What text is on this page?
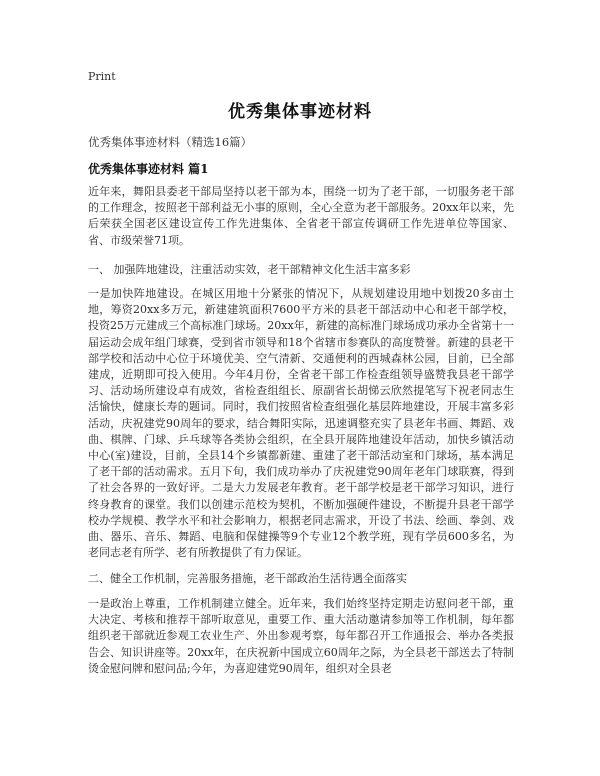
Print
优秀集体事迹材料
优秀集体事迹材料（精选16篇）
优秀集体事迹材料 篇1
近年来，舞阳县委老干部局坚持以老干部为本，围绕一切为了老干部，一切服务老干部的工作理念，按照老干部利益无小事的原则，全心全意为老干部服务。20xx年以来，先后荣获全国老区建设宣传工作先进集体、全省老干部宣传调研工作先进单位等国家、省、市级荣誉71项。
一、 加强阵地建设，注重活动实效，老干部精神文化生活丰富多彩
一是加快阵地建设。在城区用地十分紧张的情况下，从规划建设用地中划拨20多亩土地，筹资20xx多万元，新建建筑面积7600平方米的县老干部活动中心和老干部学校，投资25万元建成三个高标准门球场。20xx年，新建的高标准门球场成功承办全省第十一届运动会成年组门球赛，受到省市领导和18个省辖市参赛队的高度赞誉。新建的县老干部学校和活动中心位于环境优美、空气清新、交通便利的西城森林公园，目前，已全部建成，近期即可投入使用。今年4月份，全省老干部工作检查组领导盛赞我县老干部学习、活动场所建设卓有成效，省检查组组长、原副省长胡悌云欣然提笔写下祝老同志生活愉快，健康长寿的题词。同时，我们按照省检查组强化基层阵地建设，开展丰富多彩活动，庆祝建党90周年的要求，结合舞阳实际，迅速调整充实了县老年书画、舞蹈、戏曲、棋牌、门球、乒乓球等各类协会组织，在全县开展阵地建设年活动，加快乡镇活动中心(室)建设，目前，全县14个乡镇都新建、重建了老干部活动室和门球场，基本满足了老干部的活动需求。五月下旬，我们成功举办了庆祝建党90周年老年门球联赛，得到了社会各界的一致好评。二是大力发展老年教育。老干部学校是老干部学习知识，进行终身教育的课堂。我们以创建示范校为契机，不断加强硬件建设，不断提升县老干部学校办学规模、教学水平和社会影响力，根据老同志需求，开设了书法、绘画、拳剑、戏曲、器乐、音乐、舞蹈、电脑和保健操等9个专业12个教学班，现有学员600多名，为老同志老有所学、老有所教提供了有力保证。
二、健全工作机制，完善服务措施，老干部政治生活待遇全面落实
一是政治上尊重，工作机制建立健全。近年来，我们始终坚持定期走访慰问老干部，重大决定、考核和推荐干部听取意见，重要工作、重大活动邀请参加等工作机制，每年都组织老干部就近参观工农业生产、外出参观考察，每年都召开工作通报会、举办各类报告会、知识讲座等。20xx年，在庆祝新中国成立60周年之际，为全县老干部送去了特制烫金慰问牌和慰问品;今年，为喜迎建党90周年，组织对全县老
